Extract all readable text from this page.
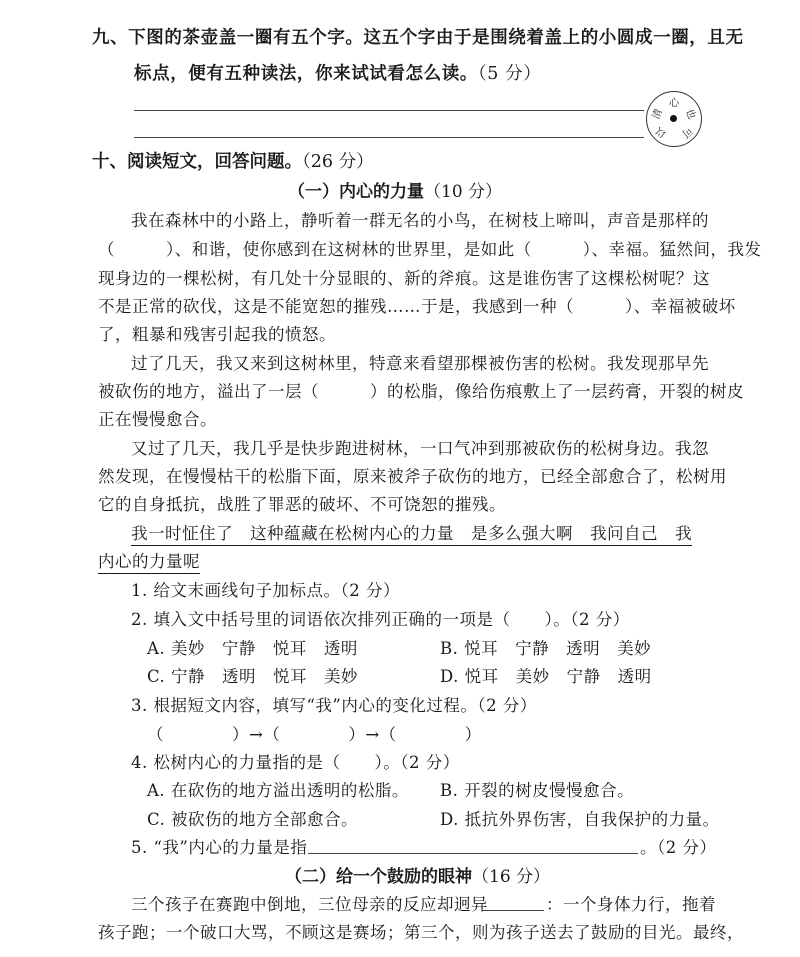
九、下图的茶壶盖一圈有五个字。这五个字由于是围绕着盖上的小圆成一圈，且无
标点，便有五种读法，你来试试看怎么读。（5 分）
心
也
可
以
清
十、阅读短文，回答问题。（26 分）
（一）内心的力量（10 分）
我在森林中的小路上，静听着一群无名的小鸟，在树枝上啼叫，声音是那样的
（　　　）、和谐，使你感到在这树林的世界里，是如此（　　　）、幸福。猛然间，我发
现身边的一棵松树，有几处十分显眼的、新的斧痕。这是谁伤害了这棵松树呢？这
不是正常的砍伐，这是不能宽恕的摧残……于是，我感到一种（　　　）、幸福被破坏
了，粗暴和残害引起我的愤怒。
过了几天，我又来到这树林里，特意来看望那棵被伤害的松树。我发现那早先
被砍伤的地方，溢出了一层（　　　）的松脂，像给伤痕敷上了一层药膏，开裂的树皮
正在慢慢愈合。
又过了几天，我几乎是快步跑进树林，一口气冲到那被砍伤的松树身边。我忽
然发现，在慢慢枯干的松脂下面，原来被斧子砍伤的地方，已经全部愈合了，松树用
它的自身抵抗，战胜了罪恶的破坏、不可饶恕的摧残。
我一时怔住了　这种蕴藏在松树内心的力量　是多么强大啊　我问自己　我
内心的力量呢
1. 给文末画线句子加标点。（2 分）
2. 填入文中括号里的词语依次排列正确的一项是（　　）。（2 分）
A. 美妙　宁静　悦耳　透明	B. 悦耳　宁静　透明　美妙
C. 宁静　透明　悦耳　美妙	D. 悦耳　美妙　宁静　透明
3. 根据短文内容，填写“我”内心的变化过程。（2 分）
（　　　　）→（　　　　）→（　　　　）
4. 松树内心的力量指的是（　　）。（2 分）
A. 在砍伤的地方溢出透明的松脂。 B. 开裂的树皮慢慢愈合。
C. 被砍伤的地方全部愈合。	D. 抵抗外界伤害，自我保护的力量。
5. “我”内心的力量是指	。（2 分）
（二）给一个鼓励的眼神（16 分）
三个孩子在赛跑中倒地，三位母亲的反应却迥异	：一个身体力行，拖着
孩子跑；一个破口大骂，不顾这是赛场；第三个，则为孩子送去了鼓励的目光。最终，
